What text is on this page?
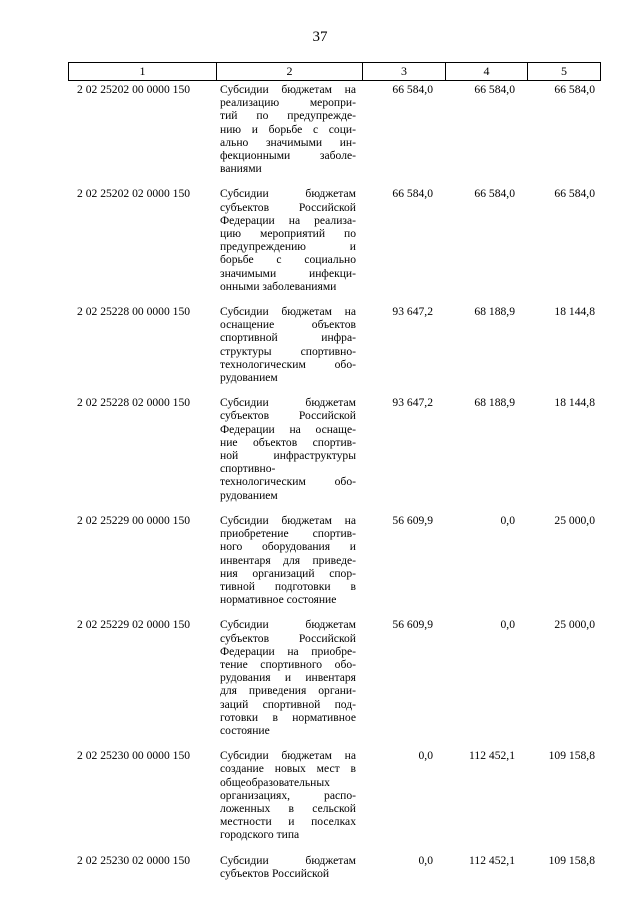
37
1	2	3	4	5
2 02 25202 00 0000 150	Субсидии бюджетам на
реализацию меропри-
тий по предупрежде-
нию и борьбе с соци-
ально значимыми ин-
фекционными заболе-
ваниями
66 584,0	66 584,0	66 584,0
2 02 25202 02 0000 150	Субсидии бюджетам
субъектов Российской
Федерации на реализа-
цию мероприятий по
предупреждению и
борьбе с социально
значимыми инфекци-
онными заболеваниями
66 584,0	66 584,0	66 584,0
2 02 25228 00 0000 150	Субсидии бюджетам на
оснащение объектов
спортивной инфра-
структуры спортивно-
технологическим обо-
рудованием
93 647,2	68 188,9	18 144,8
2 02 25228 02 0000 150	Субсидии бюджетам
субъектов Российской
Федерации на оснаще-
ние объектов спортив-
ной инфраструктуры
спортивно-
технологическим обо-
рудованием
93 647,2	68 188,9	18 144,8
2 02 25229 00 0000 150	Субсидии бюджетам на
приобретение спортив-
ного оборудования и
инвентаря для приведе-
ния организаций спор-
тивной подготовки в
нормативное состояние
56 609,9	0,0	25 000,0
2 02 25229 02 0000 150	Субсидии бюджетам
субъектов Российской
Федерации на приобре-
тение спортивного обо-
рудования и инвентаря
для приведения органи-
заций спортивной под-
готовки в нормативное
состояние
56 609,9	0,0	25 000,0
2 02 25230 00 0000 150	Субсидии бюджетам на
создание новых мест в
общеобразовательных
организациях, распо-
ложенных в сельской
местности и поселках
городского типа
0,0	112 452,1	109 158,8
2 02 25230 02 0000 150	Субсидии бюджетам
субъектов Российской
0,0	112 452,1	109 158,8
